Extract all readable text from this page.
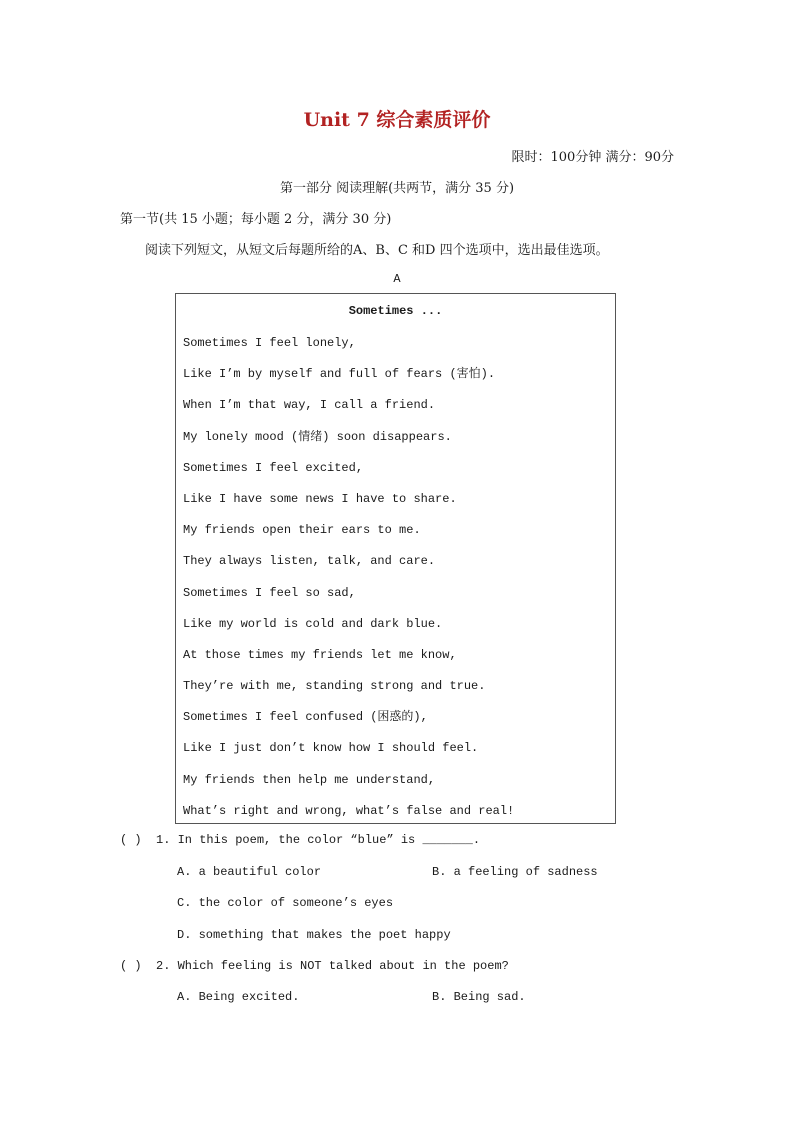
Unit 7 综合素质评价
限时：100分钟 满分：90分
第一部分 阅读理解(共两节，满分 35 分)
第一节(共 15 小题；每小题 2 分，满分 30 分)
阅读下列短文，从短文后每题所给的A、B、C 和D 四个选项中，选出最佳选项。
A
Sometimes ...
Sometimes I feel lonely,
Like I’m by myself and full of fears (害怕).
When I’m that way, I call a friend.
My lonely mood (情绪) soon disappears.
Sometimes I feel excited,
Like I have some news I have to share.
My friends open their ears to me.
They always listen, talk, and care.
Sometimes I feel so sad,
Like my world is cold and dark blue.
At those times my friends let me know,
They’re with me, standing strong and true.
Sometimes I feel confused (困惑的),
Like I just don’t know how I should feel.
My friends then help me understand,
What’s right and wrong, what’s false and real!
( ) 1. In this poem, the color “blue” is _______.
A. a beautiful color	B. a feeling of sadness
C. the color of someone’s eyes
D. something that makes the poet happy
( ) 2. Which feeling is NOT talked about in the poem?
A. Being excited.	B. Being sad.
